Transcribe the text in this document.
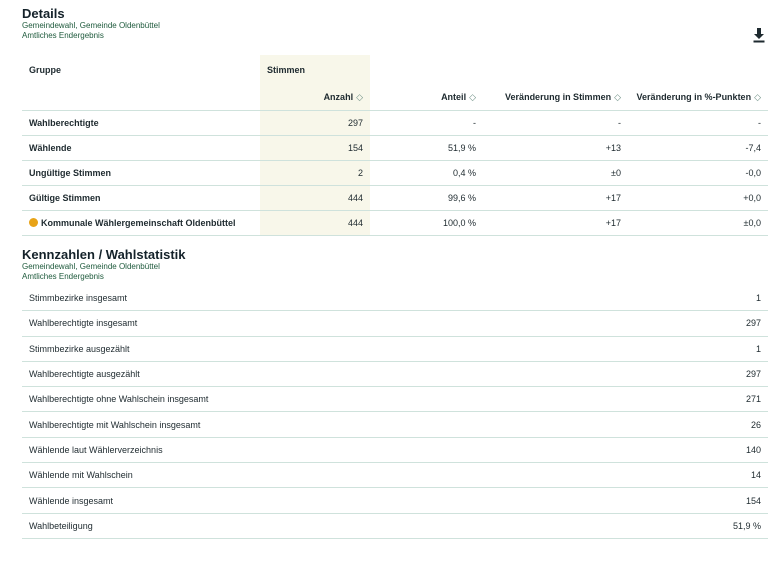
Details
Gemeindewahl, Gemeinde Oldenbüttel
Amtliches Endergebnis
Gruppe	Stimmen			
	Anzahl ◇	Anteil ◇	Veränderung in Stimmen ◇	Veränderung in %-Punkten ◇
Wahlberechtigte	297	-	-	-
Wählende	154	51,9 %	+13	-7,4
Ungültige Stimmen	2	0,4 %	±0	-0,0
Gültige Stimmen	444	99,6 %	+17	+0,0
Kommunale Wählergemeinschaft Oldenbüttel	444	100,0 %	+17	±0,0
Kennzahlen / Wahlstatistik
Gemeindewahl, Gemeinde Oldenbüttel
Amtliches Endergebnis
Stimmbezirke insgesamt	1
Wahlberechtigte insgesamt	297
Stimmbezirke ausgezählt	1
Wahlberechtigte ausgezählt	297
Wahlberechtigte ohne Wahlschein insgesamt	271
Wahlberechtigte mit Wahlschein insgesamt	26
Wählende laut Wählerverzeichnis	140
Wählende mit Wahlschein	14
Wählende insgesamt	154
Wahlbeteiligung	51,9 %
